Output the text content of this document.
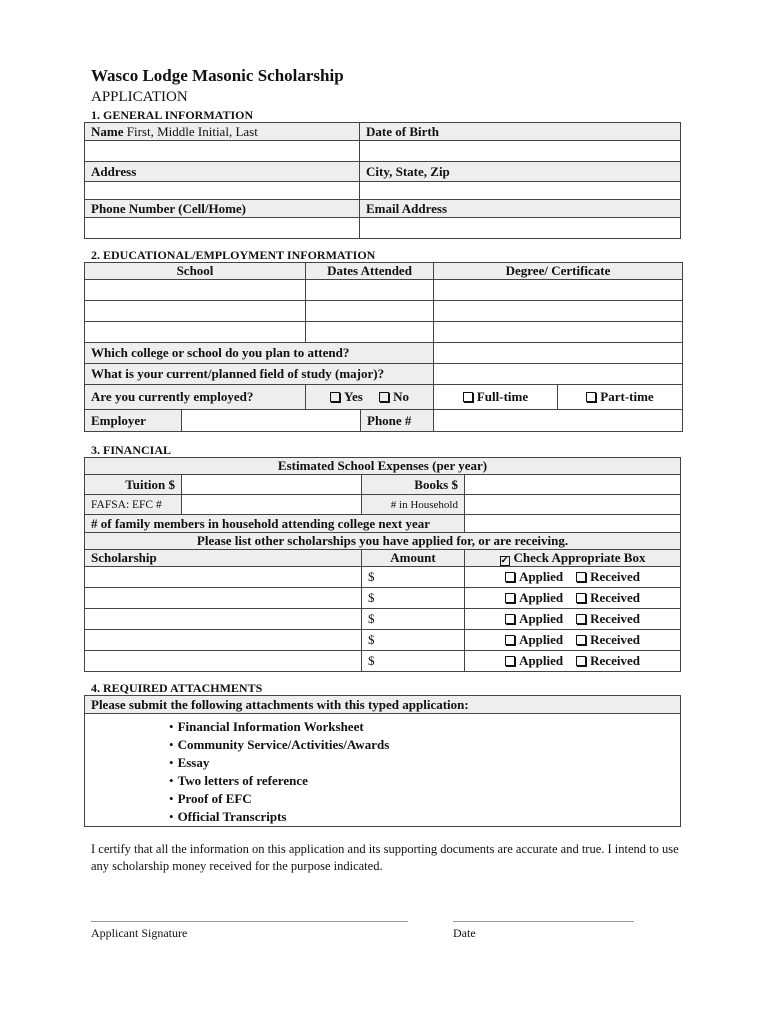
Wasco Lodge Masonic Scholarship
APPLICATION
1. GENERAL INFORMATION
Name First, Middle Initial, Last	Date of Birth

Address	City, State, Zip

Phone Number (Cell/Home)	Email Address

2. EDUCATIONAL/EMPLOYMENT INFORMATION
School		Dates Attended	Degree/ Certificate	

Which college or school do you plan to attend?				
What is your current/planned field of study (major)?				
Are you currently employed?		Yes No	Full-time	Part-time
Employer	Phone #			

3. FINANCIAL
Estimated School Expenses (per year)			
Tuition $		Books $	
FAFSA: EFC #		# in Household	
# of family members in household attending college next year			
Please list other scholarships you have applied for, or are receiving.			
Scholarship		Amount	✓ Check Appropriate Box
		$	Applied Received
		$	Applied Received
		$	Applied Received
		$	Applied Received
		$	Applied Received
4. REQUIRED ATTACHMENTS
Please submit the following attachments with this typed application:

• Financial Information Worksheet
• Community Service/Activities/Awards
• Essay
• Two letters of reference
• Proof of EFC
• Official Transcripts
I certify that all the information on this application and its supporting documents are accurate and true. I intend to use any scholarship money received for the purpose indicated.
Applicant Signature	Date
